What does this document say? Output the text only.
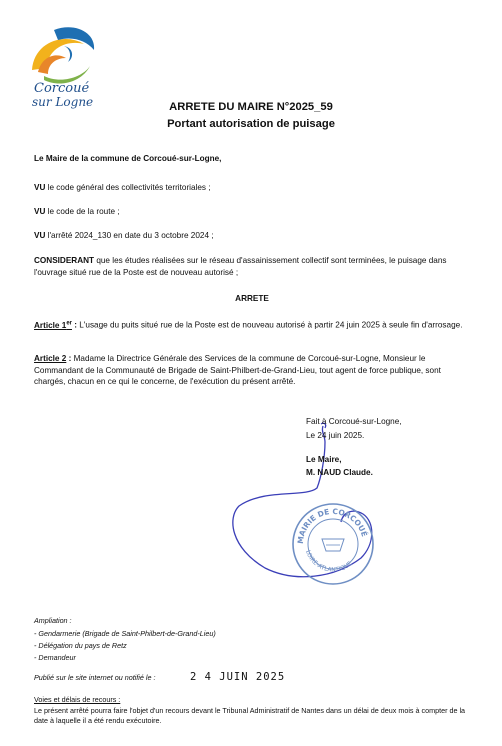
Corcoué
sur Logne	ARRETE DU MAIRE N°2025_59
Portant autorisation de puisage
Le Maire de la commune de Corcoué-sur-Logne,
VU le code général des collectivités territoriales ;
VU le code de la route ;
VU l'arrêté 2024_130 en date du 3 octobre 2024 ;
CONSIDERANT que les études réalisées sur le réseau d'assainissement collectif sont terminées, le puisage dans l'ouvrage situé rue de la Poste est de nouveau autorisé ;
ARRETE
Article 1er : L'usage du puits situé rue de la Poste est de nouveau autorisé à partir 24 juin 2025 à seule fin d'arrosage.
Article 2 : Madame la Directrice Générale des Services de la commune de Corcoué-sur-Logne, Monsieur le Commandant de la Communauté de Brigade de Saint-Philbert-de-Grand-Lieu, tout agent de force publique, sont chargés, chacun en ce qui le concerne, de l'exécution du présent arrêté.
MAIRIE DE CORCOUÉ
LOIRE-ATLANTIQUE
Fait à Corcoué-sur-Logne,
Le 24 juin 2025.
Le Maire,
M. NAUD Claude.
Ampliation :
- Gendarmerie (Brigade de Saint-Philbert-de-Grand-Lieu)
- Délégation du pays de Retz
- Demandeur
Publié sur le site internet ou notifié le :	2 4 JUIN 2025
Voies et délais de recours :
Le présent arrêté pourra faire l'objet d'un recours devant le Tribunal Administratif de Nantes dans un délai de deux mois à compter de la date à laquelle il a été rendu exécutoire.
